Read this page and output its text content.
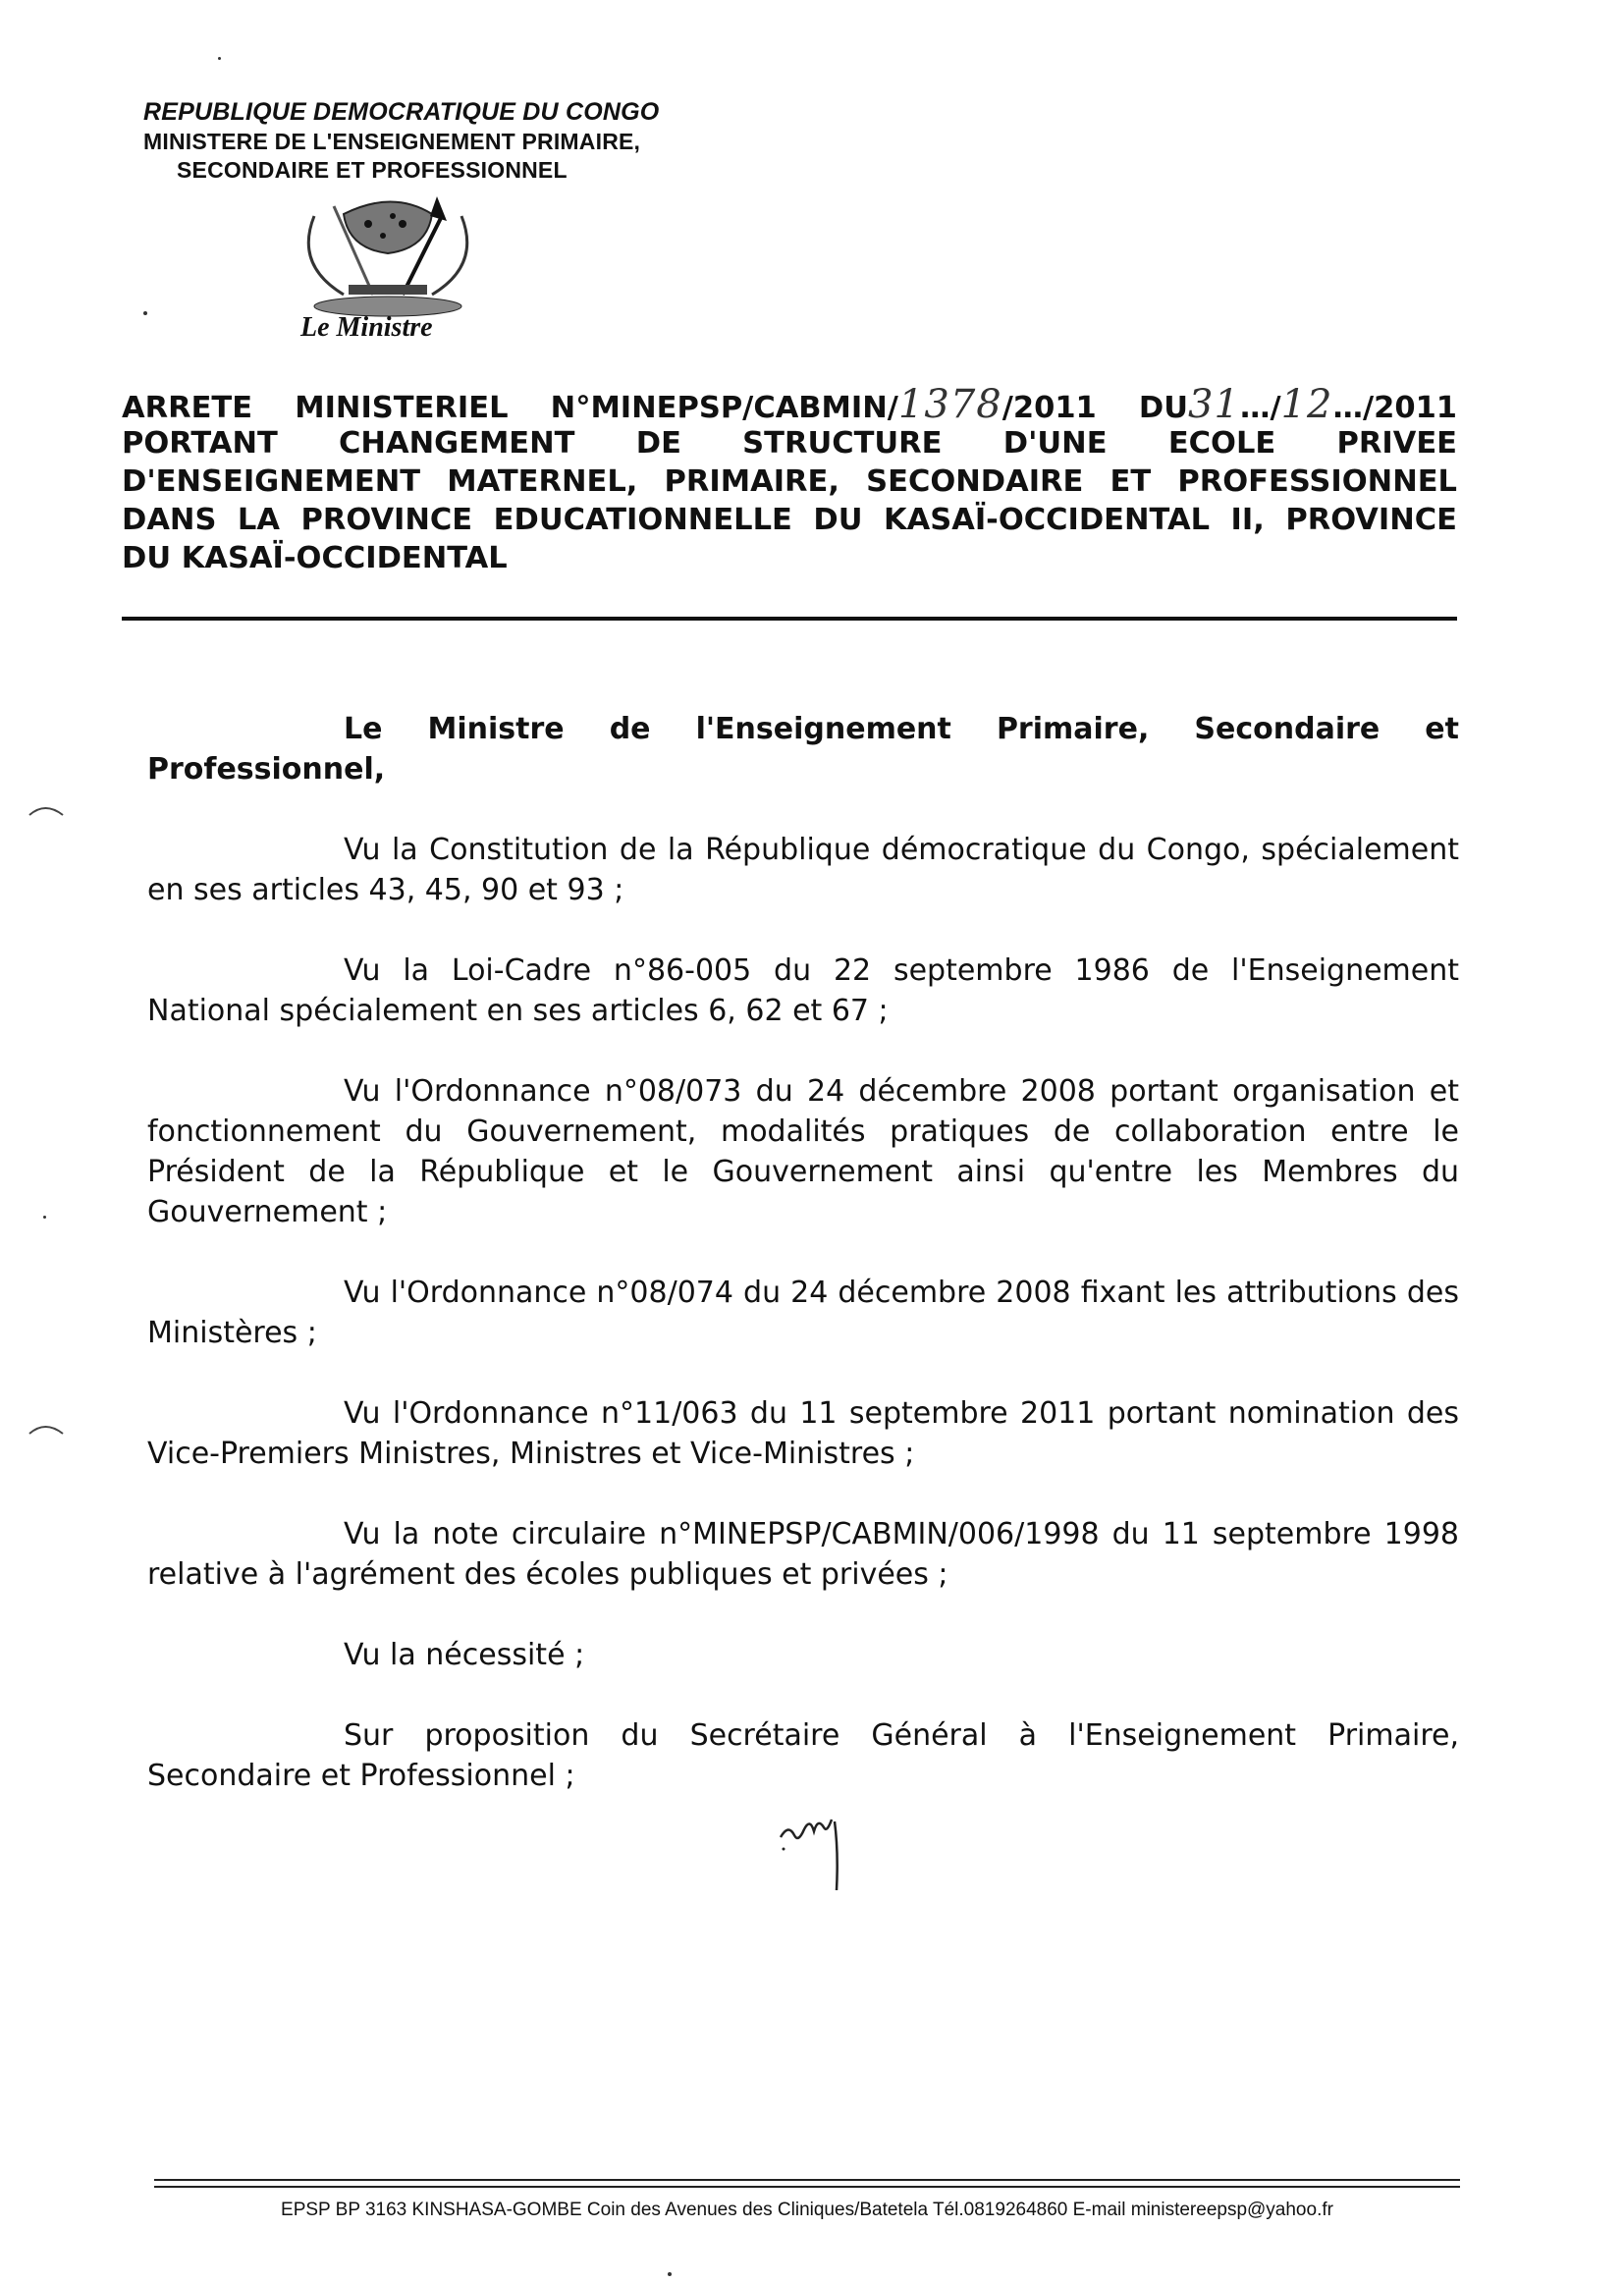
REPUBLIQUE DEMOCRATIQUE DU CONGO
MINISTERE DE L'ENSEIGNEMENT PRIMAIRE,
SECONDAIRE ET PROFESSIONNEL
Le Ministre
ARRETE MINISTERIEL N°MINEPSP/CABMIN/1378/2011 DU31…/12…/2011
PORTANT CHANGEMENT DE STRUCTURE D'UNE ECOLE PRIVEE
D'ENSEIGNEMENT MATERNEL, PRIMAIRE, SECONDAIRE ET PROFESSIONNEL
DANS LA PROVINCE EDUCATIONNELLE DU KASAÏ-OCCIDENTAL II, PROVINCE
DU KASAÏ-OCCIDENTAL

Le Ministre de l'Enseignement Primaire, Secondaire et Professionnel,

Vu la Constitution de la République démocratique du Congo, spécialement en ses articles 43, 45, 90 et 93 ;

Vu la Loi-Cadre n°86-005 du 22 septembre 1986 de l'Enseignement National spécialement en ses articles 6, 62 et 67 ;

Vu l'Ordonnance n°08/073 du 24 décembre 2008 portant organisation et fonctionnement du Gouvernement, modalités pratiques de collaboration entre le Président de la République et le Gouvernement ainsi qu'entre les Membres du Gouvernement ;

Vu l'Ordonnance n°08/074 du 24 décembre 2008 fixant les attributions des Ministères ;

Vu l'Ordonnance n°11/063 du 11 septembre 2011 portant nomination des Vice-Premiers Ministres, Ministres et Vice-Ministres ;

Vu la note circulaire n°MINEPSP/CABMIN/006/1998 du 11 septembre 1998 relative à l'agrément des écoles publiques et privées ;

Vu la nécessité ;

Sur proposition du Secrétaire Général à l'Enseignement Primaire, Secondaire et Professionnel ;

EPSP BP 3163 KINSHASA-GOMBE Coin des Avenues des Cliniques/Batetela Tél.0819264860 E-mail ministereepsp@yahoo.fr
